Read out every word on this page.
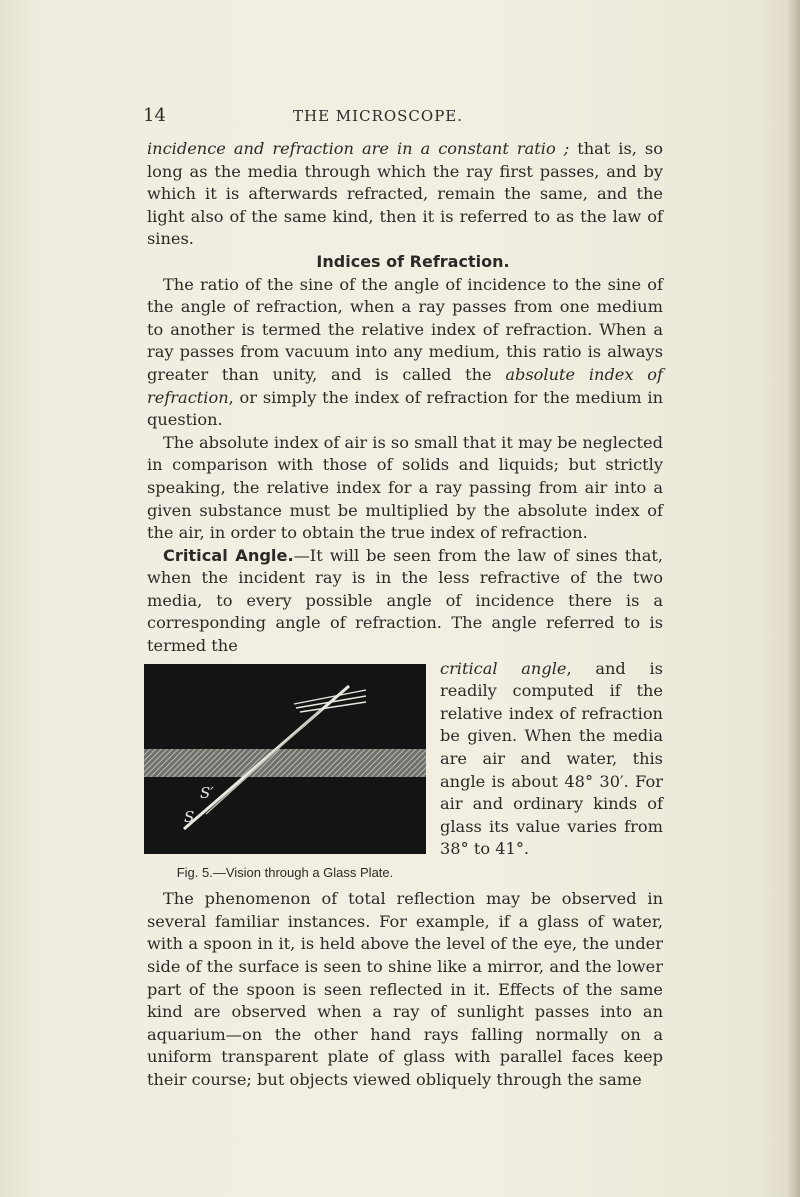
14	THE MICROSCOPE.

incidence and refraction are in a constant ratio ; that is, so long as the media through which the ray first passes, and by which it is afterwards refracted, remain the same, and the light also of the same kind, then it is referred to as the law of sines.

Indices of Refraction.

The ratio of the sine of the angle of incidence to the sine of the angle of refraction, when a ray passes from one medium to another is termed the relative index of refraction. When a ray passes from vacuum into any medium, this ratio is always greater than unity, and is called the absolute index of refraction, or simply the index of refraction for the medium in question.

The absolute index of air is so small that it may be neglected in comparison with those of solids and liquids; but strictly speaking, the relative index for a ray passing from air into a given substance must be multiplied by the absolute index of the air, in order to obtain the true index of refraction.

Critical Angle.—It will be seen from the law of sines that, when the incident ray is in the less refractive of the two media, to every possible angle of incidence there is a corresponding angle of refraction. The angle referred to is termed the

S′
S
Fig. 5.—Vision through a Glass Plate.

critical angle, and is readily computed if the relative index of refraction be given. When the media are air and water, this angle is about 48° 30′. For air and ordinary kinds of glass its value varies from 38° to 41°.

The phenomenon of total reflection may be observed in several familiar instances. For example, if a glass of water, with a spoon in it, is held above the level of the eye, the under side of the surface is seen to shine like a mirror, and the lower part of the spoon is seen reflected in it. Effects of the same kind are observed when a ray of sunlight passes into an aquarium—on the other hand rays falling normally on a uniform transparent plate of glass with parallel faces keep their course; but objects viewed obliquely through the same
